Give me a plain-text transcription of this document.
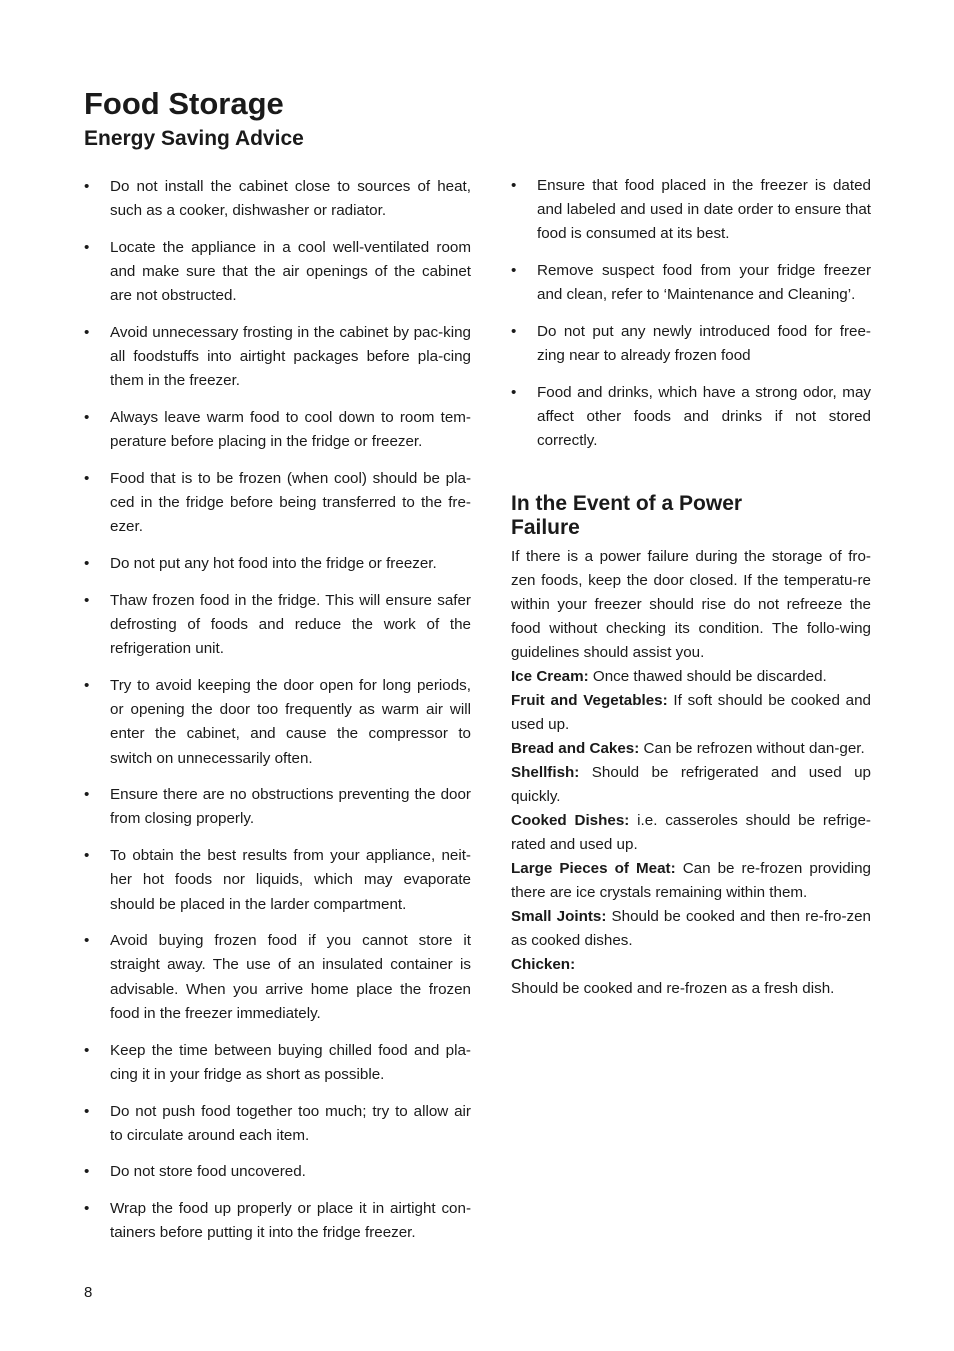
Food Storage
Energy Saving Advice
•	Do not install the cabinet close to sources of heat, such as a cooker, dishwasher or radiator.
•	Locate the appliance in a cool well-ventilated room and make sure that the air openings of the cabinet are not obstructed.
•	Avoid unnecessary frosting in the cabinet by pac-king all foodstuffs into airtight packages before pla-cing them in the freezer.
•	Always leave warm food to cool down to room tem-perature before placing in the fridge or freezer.
•	Food that is to be frozen (when cool) should be pla-ced in the fridge before being transferred to the fre-ezer.
•	Do not put any hot food into the fridge or freezer.
•	Thaw frozen food in the fridge. This will ensure safer defrosting of foods and reduce the work of the refrigeration unit.
•	Try to avoid keeping the door open for long periods, or opening the door too frequently as warm air will enter the cabinet, and cause the compressor to switch on unnecessarily often.
•	Ensure there are no obstructions preventing the door from closing properly.
•	To obtain the best results from your appliance, neit-her hot foods nor liquids, which may evaporate should be placed in the larder compartment.
•	Avoid buying frozen food if you cannot store it straight away. The use of an insulated container is advisable. When you arrive home place the frozen food in the freezer immediately.
•	Keep the time between buying chilled food and pla-cing it in your fridge as short as possible.
•	Do not push food together too much; try to allow air to circulate around each item.
•	Do not store food uncovered.
•	Wrap the food up properly or place it in airtight con-tainers before putting it into the fridge freezer.
•	Ensure that food placed in the freezer is dated and labeled and used in date order to ensure that food is consumed at its best.
•	Remove suspect food from your fridge freezer and clean, refer to ‘Maintenance and Cleaning’.
•	Do not put any newly introduced food for free-zing near to already frozen food
•	Food and drinks, which have a strong odor, may affect other foods and drinks if not stored correctly.
In the Event of a Power Failure

If there is a power failure during the storage of fro-zen foods, keep the door closed. If the temperatu-re within your freezer should rise do not refreeze the food without checking its condition. The follo-wing guidelines should assist you.

Ice Cream: Once thawed should be discarded.

Fruit and Vegetables: If soft should be cooked and used up.

Bread and Cakes: Can be refrozen without dan-ger.

Shellfish: Should be refrigerated and used up quickly.

Cooked Dishes: i.e. casseroles should be refrige-rated and used up.

Large Pieces of Meat: Can be re-frozen providing there are ice crystals remaining within them.

Small Joints: Should be cooked and then re-fro-zen as cooked dishes.

Chicken:

Should be cooked and re-frozen as a fresh dish.

8
